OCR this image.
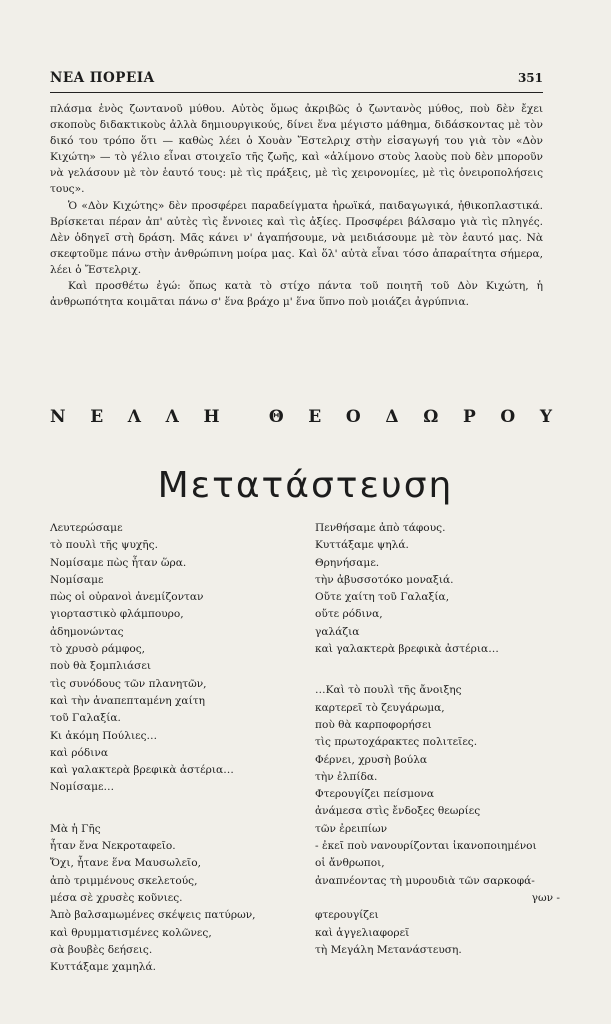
ΝΕΑ ΠΟΡΕΙΑ	351

πλάσμα ἑνὸς ζωντανοῦ μύθου. Αὐτὸς ὅμως ἀκριβῶς ὁ ζωντανὸς μύθος, ποὺ δὲν ἔχει σκοποὺς διδακτικοὺς ἀλλὰ δημιουργικούς, δίνει ἕνα μέγιστο μάθημα, διδάσκοντας μὲ τὸν δικό του τρόπο ὅτι — καθὼς λέει ὁ Χουὰν Ἔστελριχ στὴν εἰσαγωγή του γιὰ τὸν «Δὸν Κιχώτη» — τὸ γέλιο εἶναι στοιχεῖο τῆς ζωῆς, καὶ «ἀλίμονο στοὺς λαοὺς ποὺ δὲν μποροῦν νὰ γελάσουν μὲ τὸν ἑαυτό τους: μὲ τὶς πράξεις, μὲ τὶς χειρονομίες, μὲ τὶς ὀνειροπολήσεις τους».

Ὁ «Δὸν Κιχώτης» δὲν προσφέρει παραδείγματα ἡρωϊκά, παιδαγωγικά, ἠθικοπλαστικά. Βρίσκεται πέραν ἀπ' αὐτὲς τὶς ἔννοιες καὶ τὶς ἀξίες. Προσφέρει βάλσαμο γιὰ τὶς πληγές. Δὲν ὁδηγεῖ στὴ δράση. Μᾶς κάνει ν' ἀγαπήσουμε, νὰ μειδιάσουμε μὲ τὸν ἑαυτό μας. Νὰ σκεφτοῦμε πάνω στὴν ἀνθρώπινη μοίρα μας. Καὶ ὅλ' αὐτὰ εἶναι τόσο ἀπαραίτητα σήμερα, λέει ὁ Ἔστελριχ.

Καὶ προσθέτω ἐγώ: ὅπως κατὰ τὸ στίχο πάντα τοῦ ποιητῆ τοῦ Δὸν Κιχώτη, ἡ ἀνθρωπότητα κοιμᾶται πάνω σ' ἕνα βράχο μ' ἕνα ὕπνο ποὺ μοιάζει ἀγρύπνια.

Ν Ε Λ Λ Η	Θ Ε Ο Δ Ω Ρ Ο Υ
Μετατάστευση
Λευτερώσαμε
τὸ πουλὶ τῆς ψυχῆς.
Νομίσαμε πὼς ἦταν ὥρα.
Νομίσαμε
πὼς οἱ οὐρανοὶ ἀνεμίζονταν
γιορταστικὸ φλάμπουρο,
ἀδημονώντας
τὸ χρυσὸ ράμφος,
ποὺ θὰ ξομπλιάσει
τὶς συνόδους τῶν πλανητῶν,
καὶ τὴν ἀναπεπταμένη χαίτη
τοῦ Γαλαξία.
Κι ἀκόμη Πούλιες…
καὶ ρόδινα
καὶ γαλακτερὰ βρεφικὰ ἀστέρια…
Νομίσαμε…
Μὰ ἡ Γῆς
ἦταν ἕνα Νεκροταφεῖο.
Ὄχι, ἦτανε ἕνα Μαυσωλεῖο,
ἀπὸ τριμμένους σκελετούς,
μέσα σὲ χρυσὲς κοῦνιες.
Ἀπὸ βαλσαμωμένες σκέψεις πατύρων,
καὶ θρυμματισμένες κολῶνες,
σὰ βουβὲς δεήσεις.
Κυττάξαμε χαμηλά.
Πενθήσαμε ἀπὸ τάφους.
Κυττάξαμε ψηλά.
Θρηνήσαμε.
τὴν ἀβυσσοτόκο μοναξιά.
Οὔτε χαίτη τοῦ Γαλαξία,
οὔτε ρόδινα,
γαλάζια
καὶ γαλακτερὰ βρεφικὰ ἀστέρια…
…Καὶ τὸ πουλὶ τῆς ἄνοιξης
καρτερεῖ τὸ ζευγάρωμα,
ποὺ θὰ καρποφορήσει
τὶς πρωτοχάρακτες πολιτεῖες.
Φέρνει, χρυσὴ βούλα
τὴν ἐλπίδα.
Φτερουγίζει πείσμονα
ἀνάμεσα στὶς ἔνδοξες θεωρίες
τῶν ἐρειπίων
- ἐκεῖ ποὺ νανουρίζονται ἱκανοποιημένοι
οἱ ἄνθρωποι,
ἀναπνέοντας τὴ μυρουδιὰ τῶν σαρκοφά-
γων -
φτερουγίζει
καὶ ἀγγελιαφορεῖ
τὴ Μεγάλη Μετανάστευση.
